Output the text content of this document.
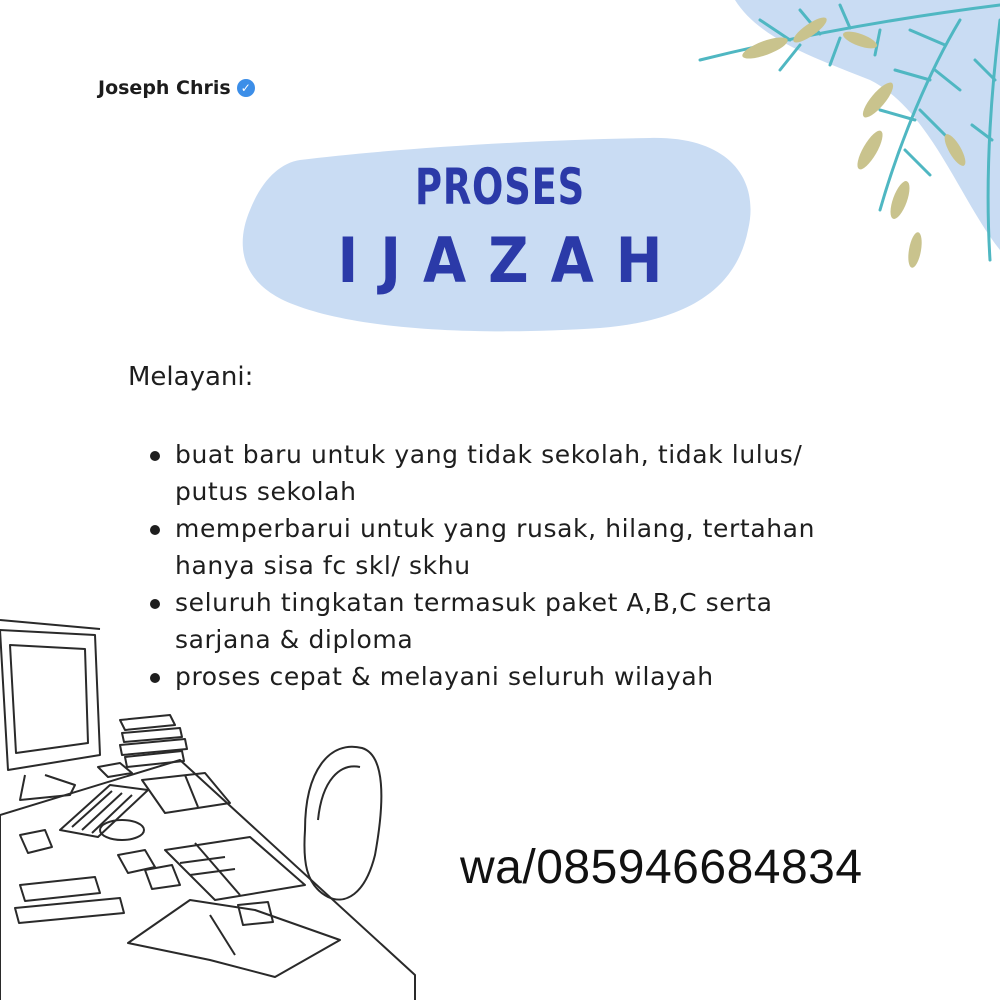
Joseph Chris ✓
PROSES
IJAZAH
Melayani:
buat baru untuk yang tidak sekolah, tidak lulus/ putus sekolah
memperbarui untuk yang rusak, hilang, tertahan hanya sisa fc skl/ skhu
seluruh tingkatan termasuk paket A,B,C serta sarjana & diploma
proses cepat & melayani seluruh wilayah
wa/085946684834
